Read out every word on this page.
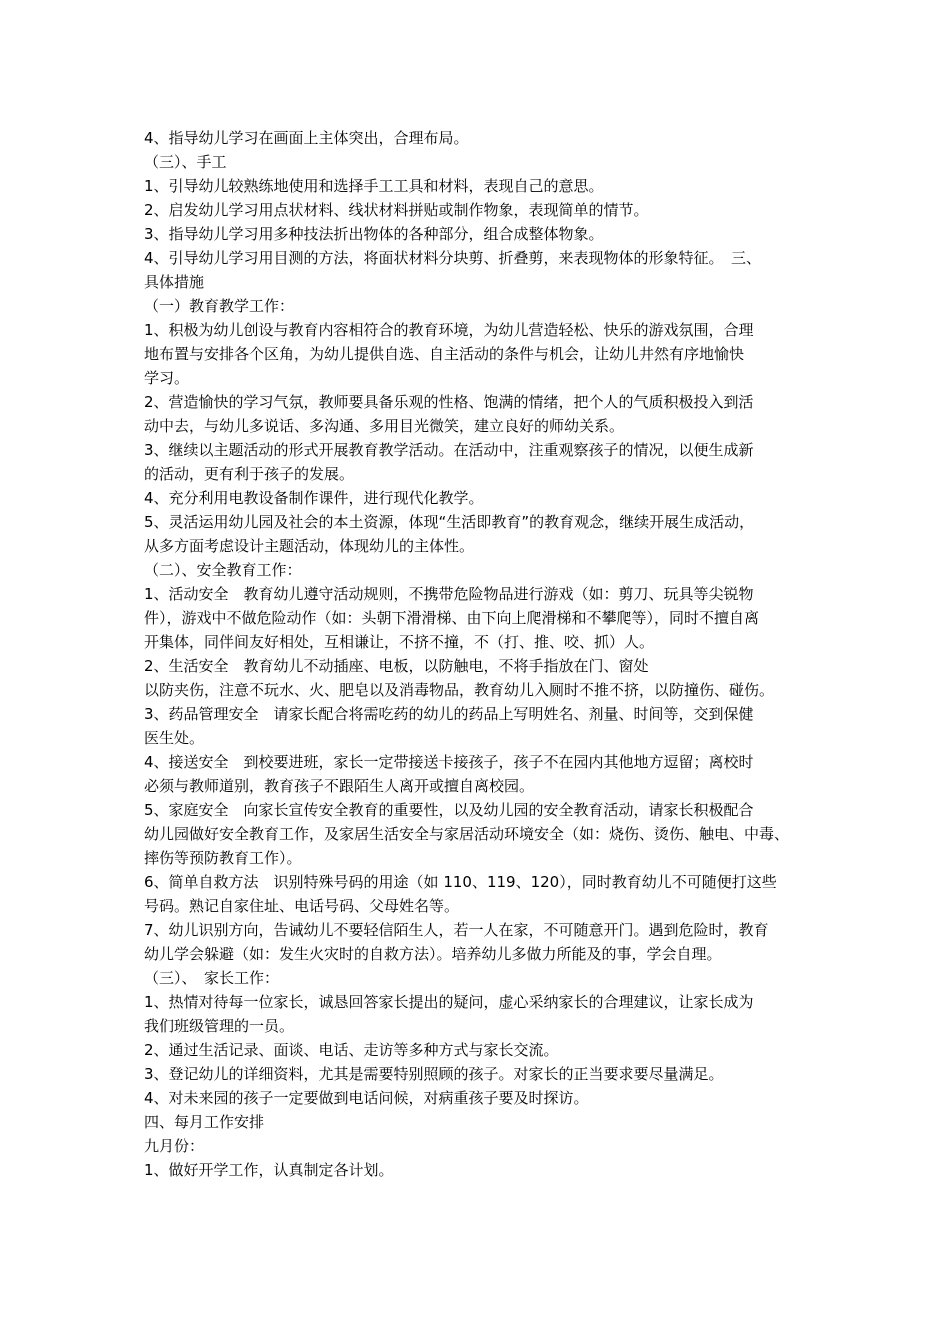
4、指导幼儿学习在画面上主体突出，合理布局。

（三）、手工

1、引导幼儿较熟练地使用和选择手工工具和材料，表现自己的意思。

2、启发幼儿学习用点状材料、线状材料拼贴或制作物象，表现简单的情节。

3、指导幼儿学习用多种技法折出物体的各种部分，组合成整体物象。

4、引导幼儿学习用目测的方法，将面状材料分块剪、折叠剪，来表现物体的形象特征。　三、
具体措施

（一）教育教学工作：

1、积极为幼儿创设与教育内容相符合的教育环境，为幼儿营造轻松、快乐的游戏氛围，合理
地布置与安排各个区角，为幼儿提供自选、自主活动的条件与机会，让幼儿井然有序地愉快
学习。

2、营造愉快的学习气氛，教师要具备乐观的性格、饱满的情绪，把个人的气质积极投入到活
动中去，与幼儿多说话、多沟通、多用目光微笑，建立良好的师幼关系。

3、继续以主题活动的形式开展教育教学活动。在活动中，注重观察孩子的情况，以便生成新
的活动，更有利于孩子的发展。

4、充分利用电教设备制作课件，进行现代化教学。

5、灵活运用幼儿园及社会的本土资源，体现“生活即教育”的教育观念，继续开展生成活动，
从多方面考虑设计主题活动，体现幼儿的主体性。

（二）、安全教育工作：

1、活动安全　教育幼儿遵守活动规则，不携带危险物品进行游戏（如：剪刀、玩具等尖锐物
件），游戏中不做危险动作（如：头朝下滑滑梯、由下向上爬滑梯和不攀爬等），同时不擅自离
开集体，同伴间友好相处，互相谦让，不挤不撞，不（打、推、咬、抓）人。

2、生活安全　教育幼儿不动插座、电板，以防触电，不将手指放在门、窗处
以防夹伤，注意不玩水、火、肥皂以及消毒物品，教育幼儿入厕时不推不挤，以防撞伤、碰伤。

3、药品管理安全　请家长配合将需吃药的幼儿的药品上写明姓名、剂量、时间等，交到保健
医生处。

4、接送安全　到校要进班，家长一定带接送卡接孩子，孩子不在园内其他地方逗留；离校时
必须与教师道别，教育孩子不跟陌生人离开或擅自离校园。

5、家庭安全　向家长宣传安全教育的重要性，以及幼儿园的安全教育活动，请家长积极配合
幼儿园做好安全教育工作，及家居生活安全与家居活动环境安全（如：烧伤、烫伤、触电、中毒、
摔伤等预防教育工作）。

6、简单自救方法　识别特殊号码的用途（如 110、119、120），同时教育幼儿不可随便打这些
号码。熟记自家住址、电话号码、父母姓名等。

7、幼儿识别方向，告诫幼儿不要轻信陌生人，若一人在家，不可随意开门。遇到危险时，教育
幼儿学会躲避（如：发生火灾时的自救方法）。培养幼儿多做力所能及的事，学会自理。

（三）、　家长工作：

1、热情对待每一位家长，诚恳回答家长提出的疑问，虚心采纳家长的合理建议，让家长成为
我们班级管理的一员。

2、通过生活记录、面谈、电话、走访等多种方式与家长交流。

3、登记幼儿的详细资料，尤其是需要特别照顾的孩子。对家长的正当要求要尽量满足。

4、对未来园的孩子一定要做到电话问候，对病重孩子要及时探访。

四、每月工作安排

九月份：

1、做好开学工作，认真制定各计划。
